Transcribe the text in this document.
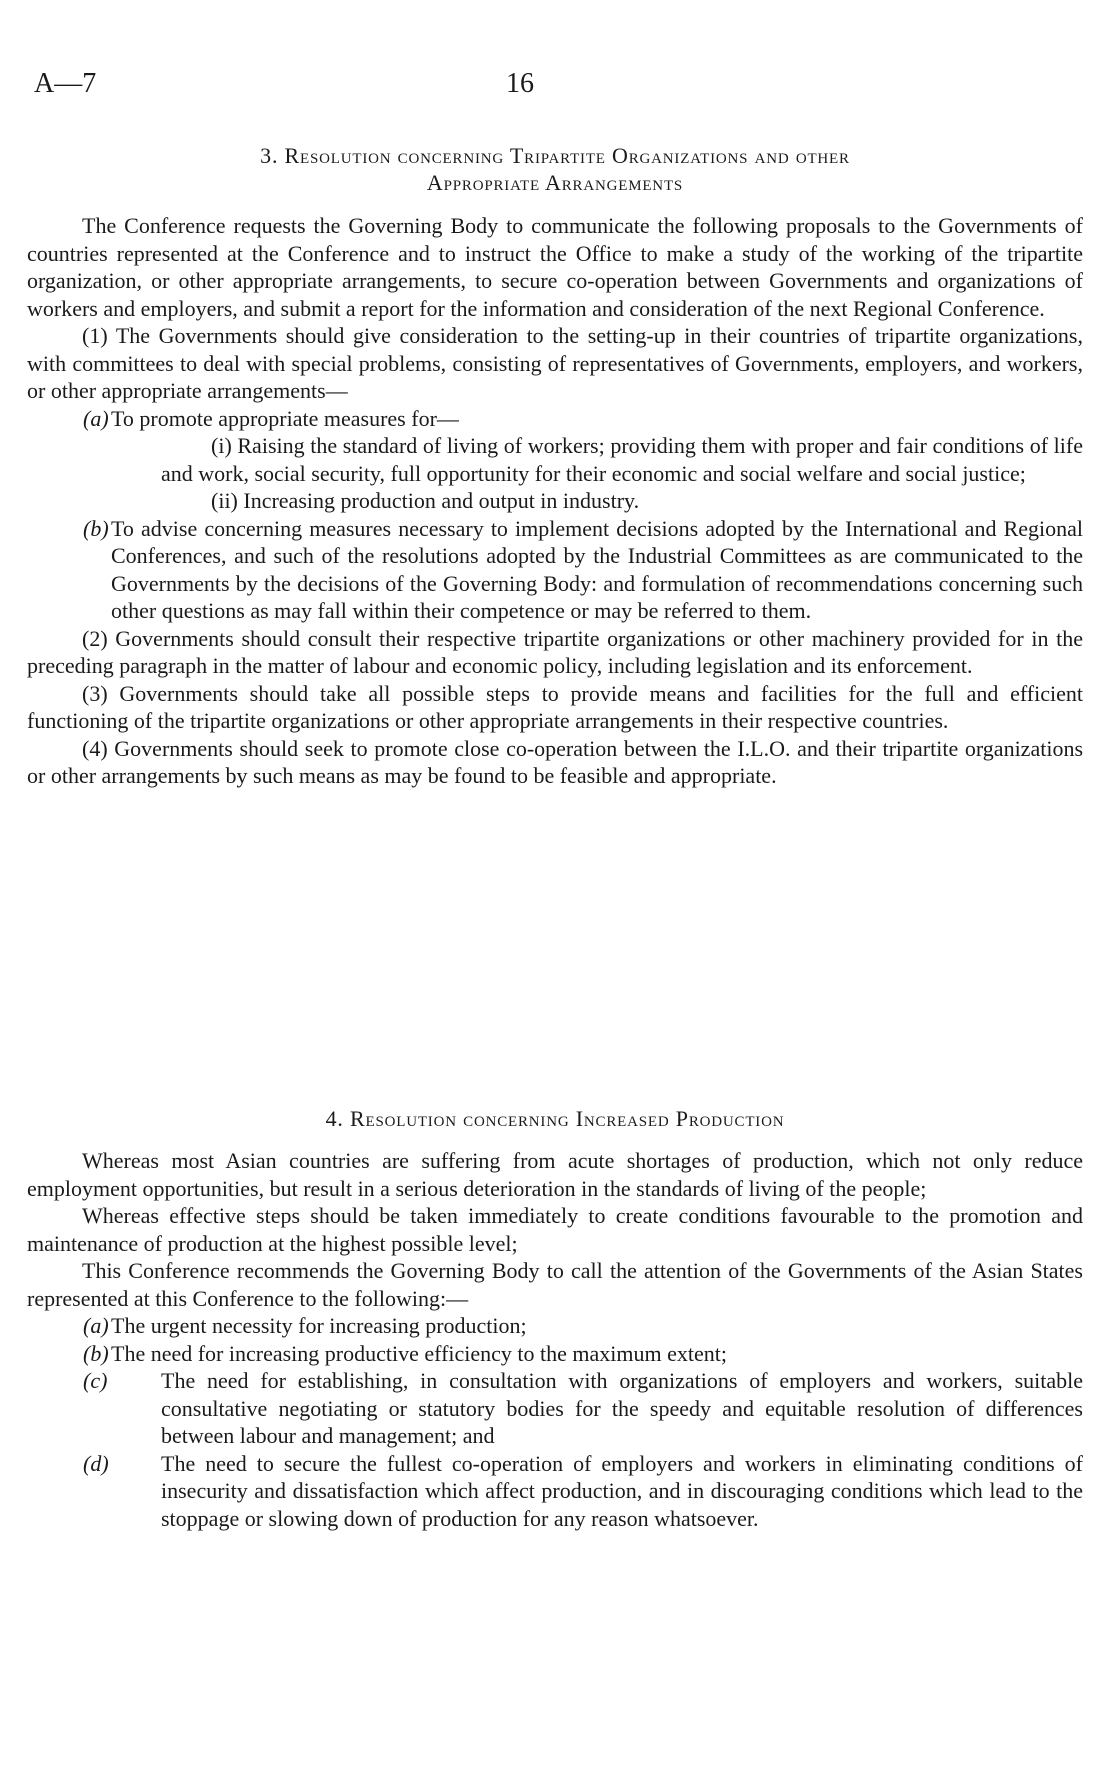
A—7	16
3. Resolution concerning Tripartite Organizations and other
Appropriate Arrangements

The Conference requests the Governing Body to communicate the following proposals to the Governments of countries represented at the Conference and to instruct the Office to make a study of the working of the tripartite organization, or other appropriate arrangements, to secure co-operation between Governments and organizations of workers and employers, and submit a report for the information and consideration of the next Regional Conference.

(1) The Governments should give consideration to the setting-up in their countries of tripartite organizations, with committees to deal with special problems, consisting of representatives of Governments, employers, and workers, or other appropriate arrangements—

(a) To promote appropriate measures for—

(i) Raising the standard of living of workers; providing them with proper and fair conditions of life and work, social security, full opportunity for their economic and social welfare and social justice;

(ii) Increasing production and output in industry.

(b) To advise concerning measures necessary to implement decisions adopted by the International and Regional Conferences, and such of the resolutions adopted by the Industrial Committees as are communicated to the Governments by the decisions of the Governing Body: and formulation of recommendations concerning such other questions as may fall within their competence or may be referred to them.

(2) Governments should consult their respective tripartite organizations or other machinery provided for in the preceding paragraph in the matter of labour and economic policy, including legislation and its enforcement.

(3) Governments should take all possible steps to provide means and facilities for the full and efficient functioning of the tripartite organizations or other appropriate arrangements in their respective countries.

(4) Governments should seek to promote close co-operation between the I.L.O. and their tripartite organizations or other arrangements by such means as may be found to be feasible and appropriate.

4. Resolution concerning Increased Production

Whereas most Asian countries are suffering from acute shortages of production, which not only reduce employment opportunities, but result in a serious deterioration in the standards of living of the people;

Whereas effective steps should be taken immediately to create conditions favourable to the promotion and maintenance of production at the highest possible level;

This Conference recommends the Governing Body to call the attention of the Governments of the Asian States represented at this Conference to the following:—

(a) The urgent necessity for increasing production;
(b) The need for increasing productive efficiency to the maximum extent;
(c) The need for establishing, in consultation with organizations of employers and workers, suitable consultative negotiating or statutory bodies for the speedy and equitable resolution of differences between labour and management; and
(d) The need to secure the fullest co-operation of employers and workers in eliminating conditions of insecurity and dissatisfaction which affect production, and in discouraging conditions which lead to the stoppage or slowing down of production for any reason whatsoever.
